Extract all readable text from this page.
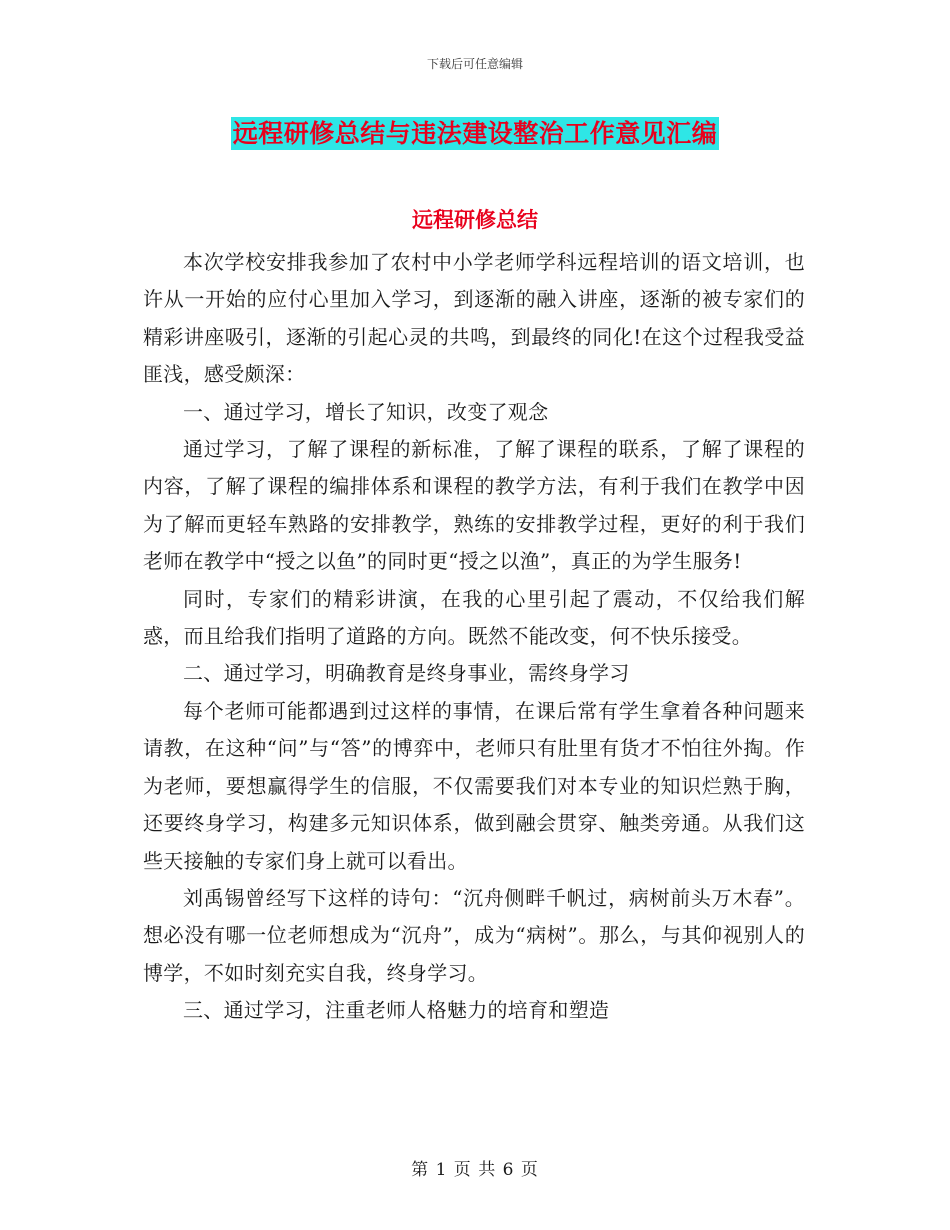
下载后可任意编辑
远程研修总结与违法建设整治工作意见汇编
远程研修总结

本次学校安排我参加了农村中小学老师学科远程培训的语文培训，也许从一开始的应付心里加入学习，到逐渐的融入讲座，逐渐的被专家们的精彩讲座吸引，逐渐的引起心灵的共鸣，到最终的同化!在这个过程我受益匪浅，感受颇深：

一、通过学习，增长了知识，改变了观念

通过学习，了解了课程的新标准，了解了课程的联系，了解了课程的内容，了解了课程的编排体系和课程的教学方法，有利于我们在教学中因为了解而更轻车熟路的安排教学，熟练的安排教学过程，更好的利于我们老师在教学中“授之以鱼”的同时更“授之以渔”，真正的为学生服务!

同时，专家们的精彩讲演，在我的心里引起了震动，不仅给我们解惑，而且给我们指明了道路的方向。既然不能改变，何不快乐接受。

二、通过学习，明确教育是终身事业，需终身学习

每个老师可能都遇到过这样的事情，在课后常有学生拿着各种问题来请教，在这种“问”与“答”的博弈中，老师只有肚里有货才不怕往外掏。作为老师，要想赢得学生的信服，不仅需要我们对本专业的知识烂熟于胸，还要终身学习，构建多元知识体系，做到融会贯穿、触类旁通。从我们这些天接触的专家们身上就可以看出。

刘禹锡曾经写下这样的诗句：“沉舟侧畔千帆过，病树前头万木春”。想必没有哪一位老师想成为“沉舟”，成为“病树”。那么，与其仰视别人的博学，不如时刻充实自我，终身学习。

三、通过学习，注重老师人格魅力的培育和塑造

第 1 页 共 6 页
